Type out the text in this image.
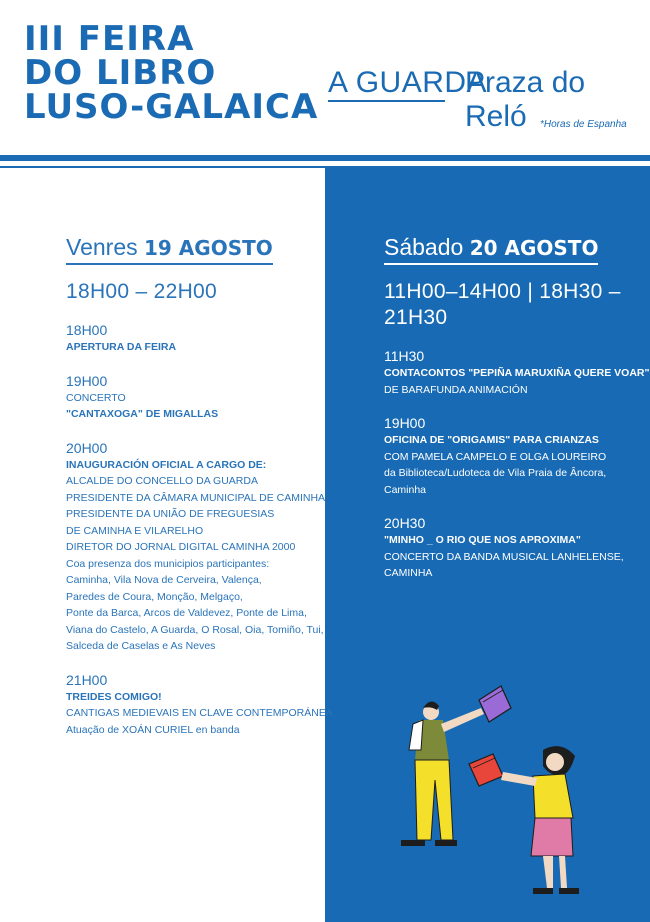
III FEIRA
DO LIBRO
LUSO-GALAICA
A GUARDA
Praza do Reló	*Horas de Espanha
Venres 19 AGOSTO
18H00 – 22H00
18H00
APERTURA DA FEIRA
19H00
CONCERTO
"CANTAXOGA" DE MIGALLAS
20H00
INAUGURACIÓN OFICIAL A CARGO DE:
ALCALDE DO CONCELLO DA GUARDA
PRESIDENTE DA CÂMARA MUNICIPAL DE CAMINHA
PRESIDENTE DA UNIÃO DE FREGUESIAS
DE CAMINHA E VILARELHO
DIRETOR DO JORNAL DIGITAL CAMINHA 2000
Coa presenza dos municipios participantes:
Caminha, Vila Nova de Cerveira, Valença,
Paredes de Coura, Monção, Melgaço,
Ponte da Barca, Arcos de Valdevez, Ponte de Lima,
Viana do Castelo, A Guarda, O Rosal, Oia, Tomiño, Tui,
Salceda de Caselas e As Neves
21H00
TREIDES COMIGO!
CANTIGAS MEDIEVAIS EN CLAVE CONTEMPORÁNEA
Atuação de XOÁN CURIEL en banda
Sábado 20 AGOSTO
11H00–14H00 | 18H30 – 21H30
11H30
CONTACONTOS "PEPIÑA MARUXIÑA QUERE VOAR"
DE BARAFUNDA ANIMACIÓN
19H00
OFICINA DE "ORIGAMIS" PARA CRIANZAS
COM PAMELA CAMPELO E OLGA LOUREIRO
da Biblioteca/Ludoteca de Vila Praia de Âncora,
Caminha
20H30
"MINHO _ O RIO QUE NOS APROXIMA"
CONCERTO DA BANDA MUSICAL LANHELENSE,
CAMINHA
